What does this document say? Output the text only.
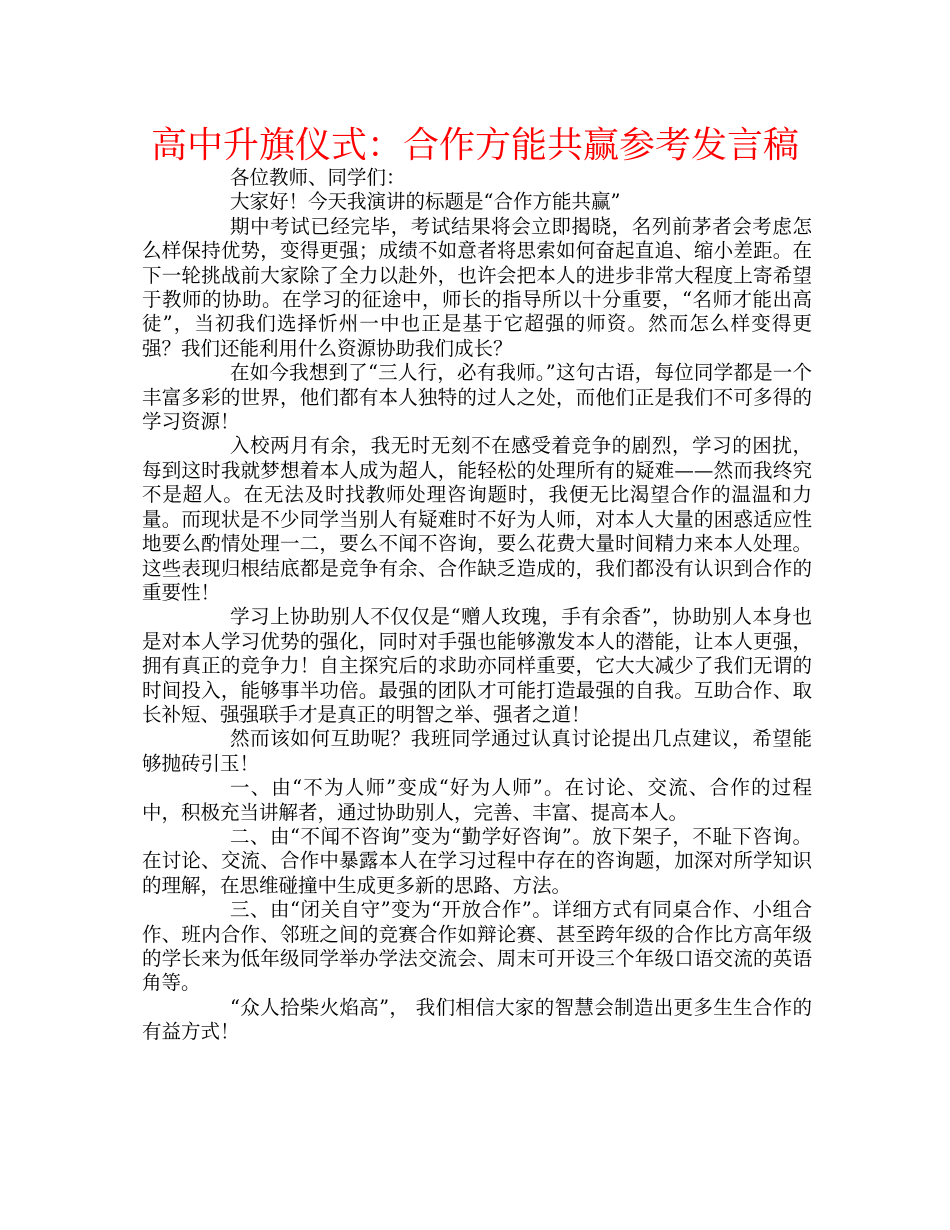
高中升旗仪式：合作方能共赢参考发言稿

各位教师、同学们：

大家好！今天我演讲的标题是“合作方能共赢”

期中考试已经完毕，考试结果将会立即揭晓，名列前茅者会考虑怎么样保持优势，变得更强；成绩不如意者将思索如何奋起直追、缩小差距。在下一轮挑战前大家除了全力以赴外，也许会把本人的进步非常大程度上寄希望于教师的协助。在学习的征途中，师长的指导所以十分重要，“名师才能出高徒”，当初我们选择忻州一中也正是基于它超强的师资。然而怎么样变得更强？我们还能利用什么资源协助我们成长？

在如今我想到了“三人行，必有我师。”这句古语，每位同学都是一个丰富多彩的世界，他们都有本人独特的过人之处，而他们正是我们不可多得的学习资源！

入校两月有余，我无时无刻不在感受着竞争的剧烈，学习的困扰，每到这时我就梦想着本人成为超人，能轻松的处理所有的疑难——然而我终究不是超人。在无法及时找教师处理咨询题时，我便无比渴望合作的温温和力量。而现状是不少同学当别人有疑难时不好为人师，对本人大量的困惑适应性地要么酌情处理一二，要么不闻不咨询，要么花费大量时间精力来本人处理。这些表现归根结底都是竞争有余、合作缺乏造成的，我们都没有认识到合作的重要性！

学习上协助别人不仅仅是“赠人玫瑰，手有余香”，协助别人本身也是对本人学习优势的强化，同时对手强也能够激发本人的潜能，让本人更强，拥有真正的竞争力！自主探究后的求助亦同样重要，它大大减少了我们无谓的时间投入，能够事半功倍。最强的团队才可能打造最强的自我。互助合作、取长补短、强强联手才是真正的明智之举、强者之道！

然而该如何互助呢？我班同学通过认真讨论提出几点建议，希望能够抛砖引玉！

一、由“不为人师”变成“好为人师”。在讨论、交流、合作的过程中，积极充当讲解者，通过协助别人，完善、丰富、提高本人。

二、由“不闻不咨询”变为“勤学好咨询”。放下架子，不耻下咨询。在讨论、交流、合作中暴露本人在学习过程中存在的咨询题，加深对所学知识的理解，在思维碰撞中生成更多新的思路、方法。

三、由“闭关自守”变为“开放合作”。详细方式有同桌合作、小组合作、班内合作、邻班之间的竞赛合作如辩论赛、甚至跨年级的合作比方高年级的学长来为低年级同学举办学法交流会、周末可开设三个年级口语交流的英语角等。

“众人拾柴火焰高”， 我们相信大家的智慧会制造出更多生生合作的有益方式！
